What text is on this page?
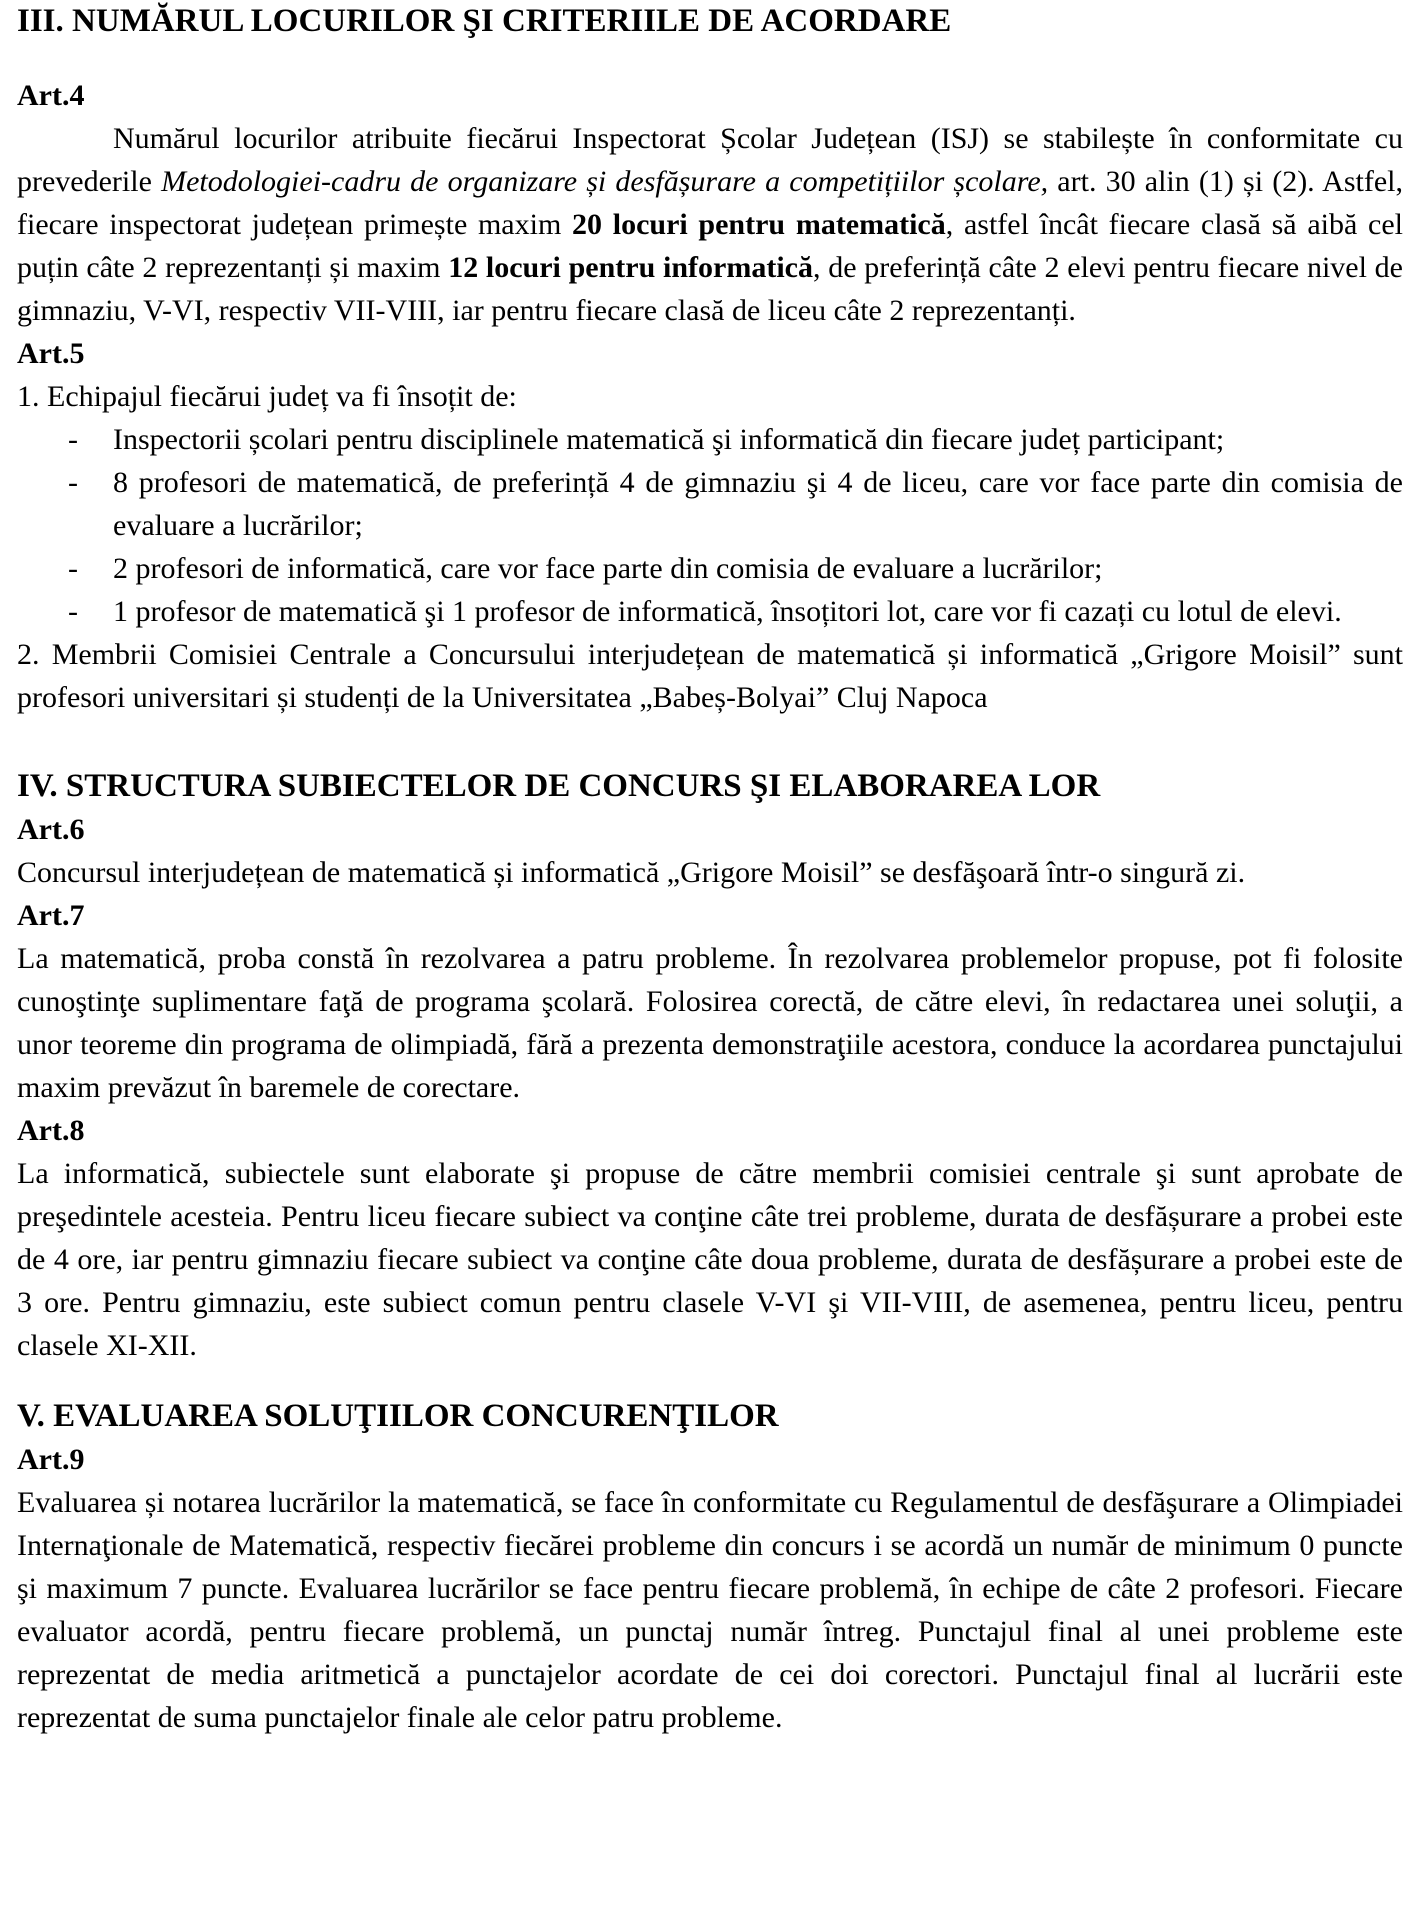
III. NUMĂRUL LOCURILOR ŞI CRITERIILE DE ACORDARE
Art.4
Numărul locurilor atribuite fiecărui Inspectorat Școlar Județean (ISJ) se stabilește în conformitate cu prevederile Metodologiei-cadru de organizare și desfășurare a competițiilor școlare, art. 30 alin (1) și (2). Astfel, fiecare inspectorat județean primește maxim 20 locuri pentru matematică, astfel încât fiecare clasă să aibă cel puțin câte 2 reprezentanți și maxim 12 locuri pentru informatică, de preferință câte 2 elevi pentru fiecare nivel de gimnaziu, V-VI, respectiv VII-VIII, iar pentru fiecare clasă de liceu câte 2 reprezentanți.
Art.5
1. Echipajul fiecărui județ va fi însoțit de:
- Inspectorii școlari pentru disciplinele matematică şi informatică din fiecare județ participant;
- 8 profesori de matematică, de preferință 4 de gimnaziu şi 4 de liceu, care vor face parte din comisia de evaluare a lucrărilor;
- 2 profesori de informatică, care vor face parte din comisia de evaluare a lucrărilor;
- 1 profesor de matematică şi 1 profesor de informatică, însoțitori lot, care vor fi cazați cu lotul de elevi.
2. Membrii Comisiei Centrale a Concursului interjudețean de matematică și informatică „Grigore Moisil” sunt profesori universitari și studenți de la Universitatea „Babeș-Bolyai” Cluj Napoca
IV. STRUCTURA SUBIECTELOR DE CONCURS ŞI ELABORAREA LOR
Art.6
Concursul interjudețean de matematică și informatică „Grigore Moisil” se desfăşoară într-o singură zi.
Art.7
La matematică, proba constă în rezolvarea a patru probleme. În rezolvarea problemelor propuse, pot fi folosite cunoştinţe suplimentare faţă de programa şcolară. Folosirea corectă, de către elevi, în redactarea unei soluţii, a unor teoreme din programa de olimpiadă, fără a prezenta demonstraţiile acestora, conduce la acordarea punctajului maxim prevăzut în baremele de corectare.
Art.8
La informatică, subiectele sunt elaborate şi propuse de către membrii comisiei centrale şi sunt aprobate de preşedintele acesteia. Pentru liceu fiecare subiect va conţine câte trei probleme, durata de desfășurare a probei este de 4 ore, iar pentru gimnaziu fiecare subiect va conţine câte doua probleme, durata de desfășurare a probei este de 3 ore. Pentru gimnaziu, este subiect comun pentru clasele V-VI şi VII-VIII, de asemenea, pentru liceu, pentru clasele XI-XII.
V. EVALUAREA SOLUŢIILOR CONCURENŢILOR
Art.9
Evaluarea și notarea lucrărilor la matematică, se face în conformitate cu Regulamentul de desfăşurare a Olimpiadei Internaţionale de Matematică, respectiv fiecărei probleme din concurs i se acordă un număr de minimum 0 puncte şi maximum 7 puncte. Evaluarea lucrărilor se face pentru fiecare problemă, în echipe de câte 2 profesori. Fiecare evaluator acordă, pentru fiecare problemă, un punctaj număr întreg. Punctajul final al unei probleme este reprezentat de media aritmetică a punctajelor acordate de cei doi corectori. Punctajul final al lucrării este reprezentat de suma punctajelor finale ale celor patru probleme.
